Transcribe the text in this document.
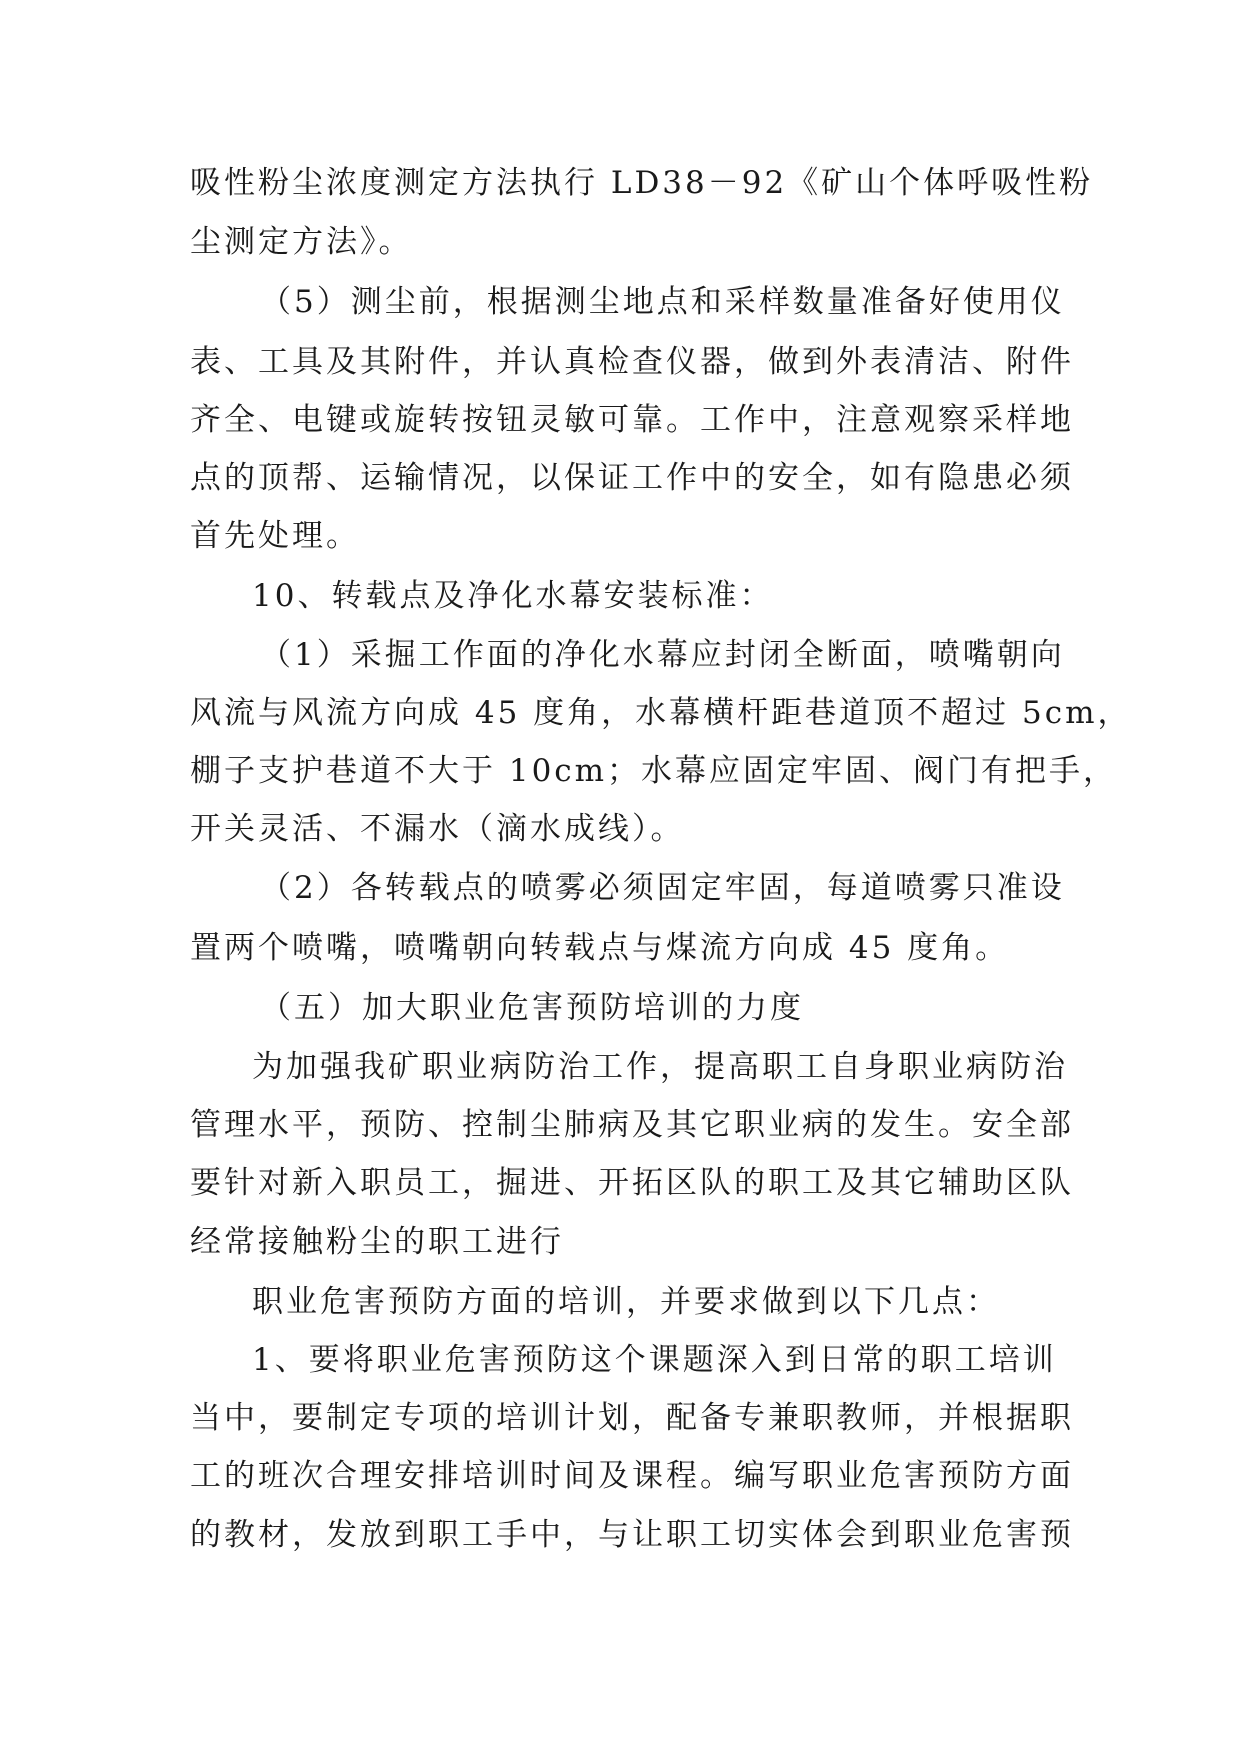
吸性粉尘浓度测定方法执行 LD38－92《矿山个体呼吸性粉
尘测定方法》。
（5）测尘前，根据测尘地点和采样数量准备好使用仪
表、工具及其附件，并认真检查仪器，做到外表清洁、附件
齐全、电键或旋转按钮灵敏可靠。工作中，注意观察采样地
点的顶帮、运输情况，以保证工作中的安全，如有隐患必须
首先处理。
10、转载点及净化水幕安装标准：
（1）采掘工作面的净化水幕应封闭全断面，喷嘴朝向
风流与风流方向成 45 度角，水幕横杆距巷道顶不超过 5cm，
棚子支护巷道不大于 10cm；水幕应固定牢固、阀门有把手，
开关灵活、不漏水（滴水成线）。
（2）各转载点的喷雾必须固定牢固，每道喷雾只准设
置两个喷嘴，喷嘴朝向转载点与煤流方向成 45 度角。
（五）加大职业危害预防培训的力度
为加强我矿职业病防治工作，提高职工自身职业病防治
管理水平，预防、控制尘肺病及其它职业病的发生。安全部
要针对新入职员工，掘进、开拓区队的职工及其它辅助区队
经常接触粉尘的职工进行
职业危害预防方面的培训，并要求做到以下几点：
1、要将职业危害预防这个课题深入到日常的职工培训
当中，要制定专项的培训计划，配备专兼职教师，并根据职
工的班次合理安排培训时间及课程。编写职业危害预防方面
的教材，发放到职工手中，与让职工切实体会到职业危害预
